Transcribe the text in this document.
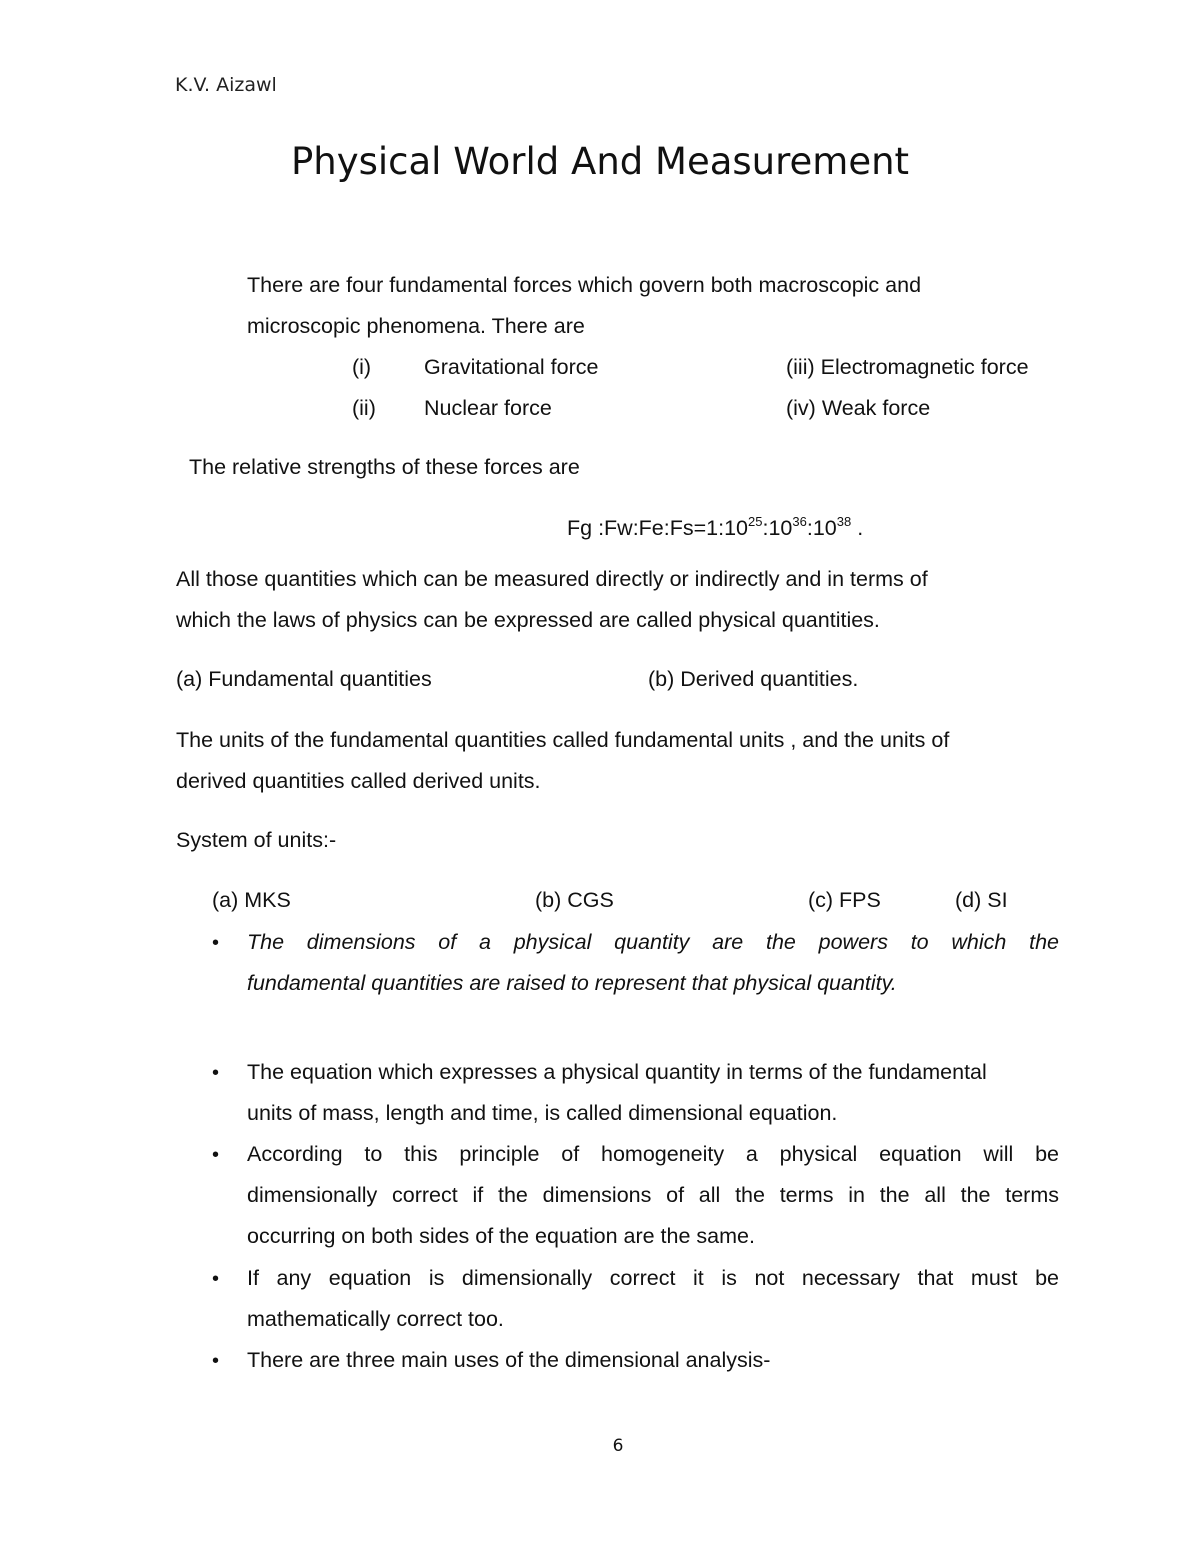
K.V. Aizawl
Physical World And Measurement
There are four fundamental forces which govern both macroscopic and
microscopic phenomena. There are
(i) Gravitational force	(iii) Electromagnetic force
(ii) Nuclear force	(iv) Weak force
The relative strengths of these forces are
Fg $:Fw:Fe:Fs=1:10^{25}:10^{36}:10^{38}$ .
All those quantities which can be measured directly or indirectly and in terms of
which the laws of physics can be expressed are called physical quantities.
(a) Fundamental quantities	(b) Derived quantities.
The units of the fundamental quantities called fundamental units , and the units of
derived quantities called derived units.
System of units:-
(a) MKS	(b) CGS	(c) FPS	(d) SI
• The dimensions of a physical quantity are the powers to which the
fundamental quantities are raised to represent that physical quantity.
• The equation which expresses a physical quantity in terms of the fundamental
units of mass, length and time, is called dimensional equation.
• According to this principle of homogeneity a physical equation will be
dimensionally correct if the dimensions of all the terms in the all the terms
occurring on both sides of the equation are the same.
• If any equation is dimensionally correct it is not necessary that must be
mathematically correct too.
• There are three main uses of the dimensional analysis-
6
